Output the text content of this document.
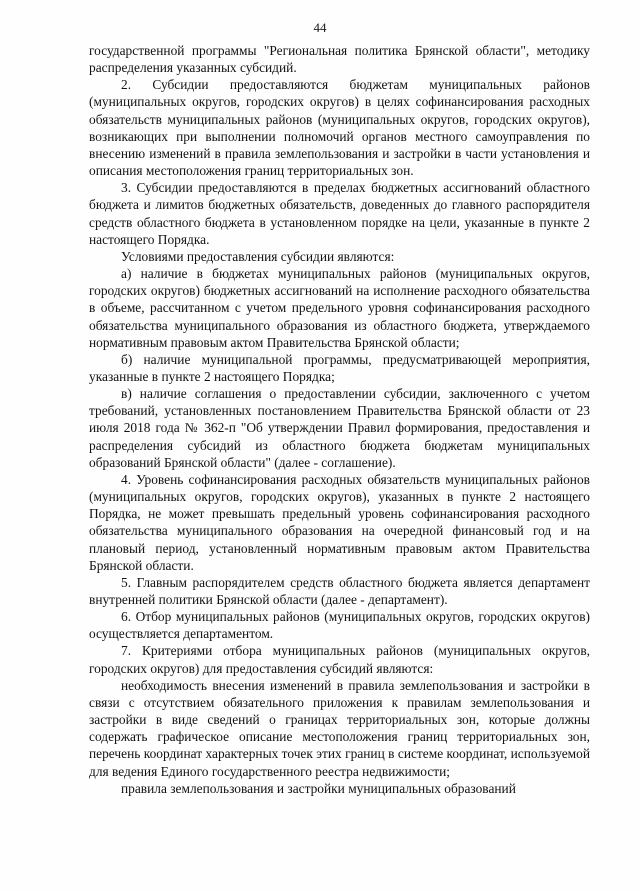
44

государственной программы "Региональная политика Брянской области", методику распределения указанных субсидий.

2. Субсидии предоставляются бюджетам муниципальных районов (муниципальных округов, городских округов) в целях софинансирования расходных обязательств муниципальных районов (муниципальных округов, городских округов), возникающих при выполнении полномочий органов местного самоуправления по внесению изменений в правила землепользования и застройки в части установления и описания местоположения границ территориальных зон.

3. Субсидии предоставляются в пределах бюджетных ассигнований областного бюджета и лимитов бюджетных обязательств, доведенных до главного распорядителя средств областного бюджета в установленном порядке на цели, указанные в пункте 2 настоящего Порядка.

Условиями предоставления субсидии являются:

а) наличие в бюджетах муниципальных районов (муниципальных округов, городских округов) бюджетных ассигнований на исполнение расходного обязательства в объеме, рассчитанном с учетом предельного уровня софинансирования расходного обязательства муниципального образования из областного бюджета, утверждаемого нормативным правовым актом Правительства Брянской области;

б) наличие муниципальной программы, предусматривающей мероприятия, указанные в пункте 2 настоящего Порядка;

в) наличие соглашения о предоставлении субсидии, заключенного с учетом требований, установленных постановлением Правительства Брянской области от 23 июля 2018 года № 362-п "Об утверждении Правил формирования, предоставления и распределения субсидий из областного бюджета бюджетам муниципальных образований Брянской области" (далее - соглашение).

4. Уровень софинансирования расходных обязательств муниципальных районов (муниципальных округов, городских округов), указанных в пункте 2 настоящего Порядка, не может превышать предельный уровень софинансирования расходного обязательства муниципального образования на очередной финансовый год и на плановый период, установленный нормативным правовым актом Правительства Брянской области.

5. Главным распорядителем средств областного бюджета является департамент внутренней политики Брянской области (далее - департамент).

6. Отбор муниципальных районов (муниципальных округов, городских округов) осуществляется департаментом.

7. Критериями отбора муниципальных районов (муниципальных округов, городских округов) для предоставления субсидий являются:

необходимость внесения изменений в правила землепользования и застройки в связи с отсутствием обязательного приложения к правилам землепользования и застройки в виде сведений о границах территориальных зон, которые должны содержать графическое описание местоположения границ территориальных зон, перечень координат характерных точек этих границ в системе координат, используемой для ведения Единого государственного реестра недвижимости;

правила землепользования и застройки муниципальных образований
